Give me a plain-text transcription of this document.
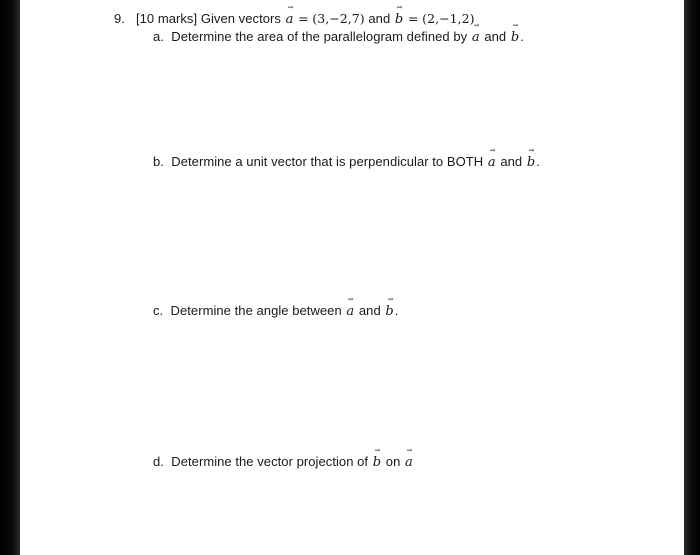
9. [10 marks] Given vectors → a = (3,−2,7) and → b = (2,−1,2)
a. Determine the area of the parallelogram defined by → a and → b.
b. Determine a unit vector that is perpendicular to BOTH → a and → b.
c. Determine the angle between → a and → b.
d. Determine the vector projection of → b on → a
